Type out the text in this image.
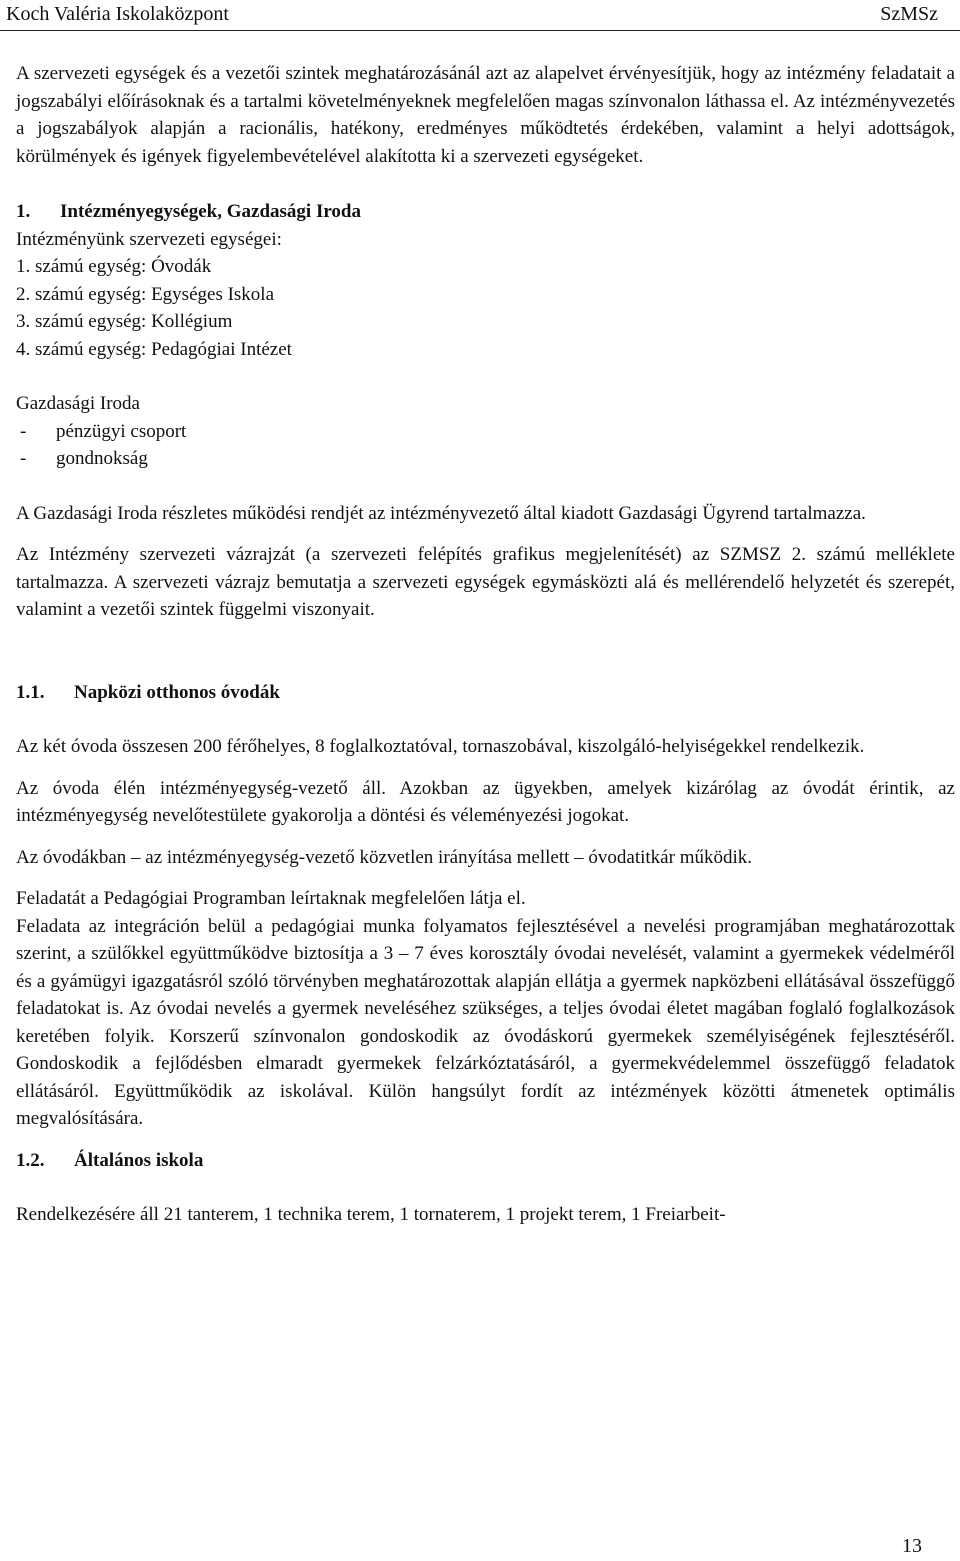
Koch Valéria Iskolaközpont	SzMSz

A szervezeti egységek és a vezetői szintek meghatározásánál azt az alapelvet érvényesítjük, hogy az intézmény feladatait a jogszabályi előírásoknak és a tartalmi követelményeknek megfelelően magas színvonalon láthassa el. Az intézményvezetés a jogszabályok alapján a racionális, hatékony, eredményes működtetés érdekében, valamint a helyi adottságok, körülmények és igények figyelembevételével alakította ki a szervezeti egységeket.

1.	Intézményegységek, Gazdasági Iroda

Intézményünk szervezeti egységei:

1. számú egység: Óvodák

2. számú egység: Egységes Iskola

3. számú egység: Kollégium

4. számú egység: Pedagógiai Intézet

Gazdasági Iroda

-	pénzügyi csoport
-	gondnokság

A Gazdasági Iroda részletes működési rendjét az intézményvezető által kiadott Gazdasági Ügyrend tartalmazza.

Az Intézmény szervezeti vázrajzát (a szervezeti felépítés grafikus megjelenítését) az SZMSZ 2. számú melléklete tartalmazza. A szervezeti vázrajz bemutatja a szervezeti egységek egymásközti alá és mellérendelő helyzetét és szerepét, valamint a vezetői szintek függelmi viszonyait.

1.1.	Napközi otthonos óvodák

Az két óvoda összesen 200 férőhelyes, 8 foglalkoztatóval, tornaszobával, kiszolgáló-helyiségekkel rendelkezik.

Az óvoda élén intézményegység-vezető áll. Azokban az ügyekben, amelyek kizárólag az óvodát érintik, az intézményegység nevelőtestülete gyakorolja a döntési és véleményezési jogokat.

Az óvodákban – az intézményegység-vezető közvetlen irányítása mellett – óvodatitkár működik.

Feladatát a Pedagógiai Programban leírtaknak megfelelően látja el.

Feladata az integráción belül a pedagógiai munka folyamatos fejlesztésével a nevelési programjában meghatározottak szerint, a szülőkkel együttműködve biztosítja a 3 – 7 éves korosztály óvodai nevelését, valamint a gyermekek védelméről és a gyámügyi igazgatásról szóló törvényben meghatározottak alapján ellátja a gyermek napközbeni ellátásával összefüggő feladatokat is. Az óvodai nevelés a gyermek neveléséhez szükséges, a teljes óvodai életet magában foglaló foglalkozások keretében folyik. Korszerű színvonalon gondoskodik az óvodáskorú gyermekek személyiségének fejlesztéséről. Gondoskodik a fejlődésben elmaradt gyermekek felzárkóztatásáról, a gyermekvédelemmel összefüggő feladatok ellátásáról. Együttműködik az iskolával. Külön hangsúlyt fordít az intézmények közötti átmenetek optimális megvalósítására.

1.2.	Általános iskola

Rendelkezésére áll 21 tanterem, 1 technika terem, 1 tornaterem, 1 projekt terem, 1 Freiarbeit-

13
